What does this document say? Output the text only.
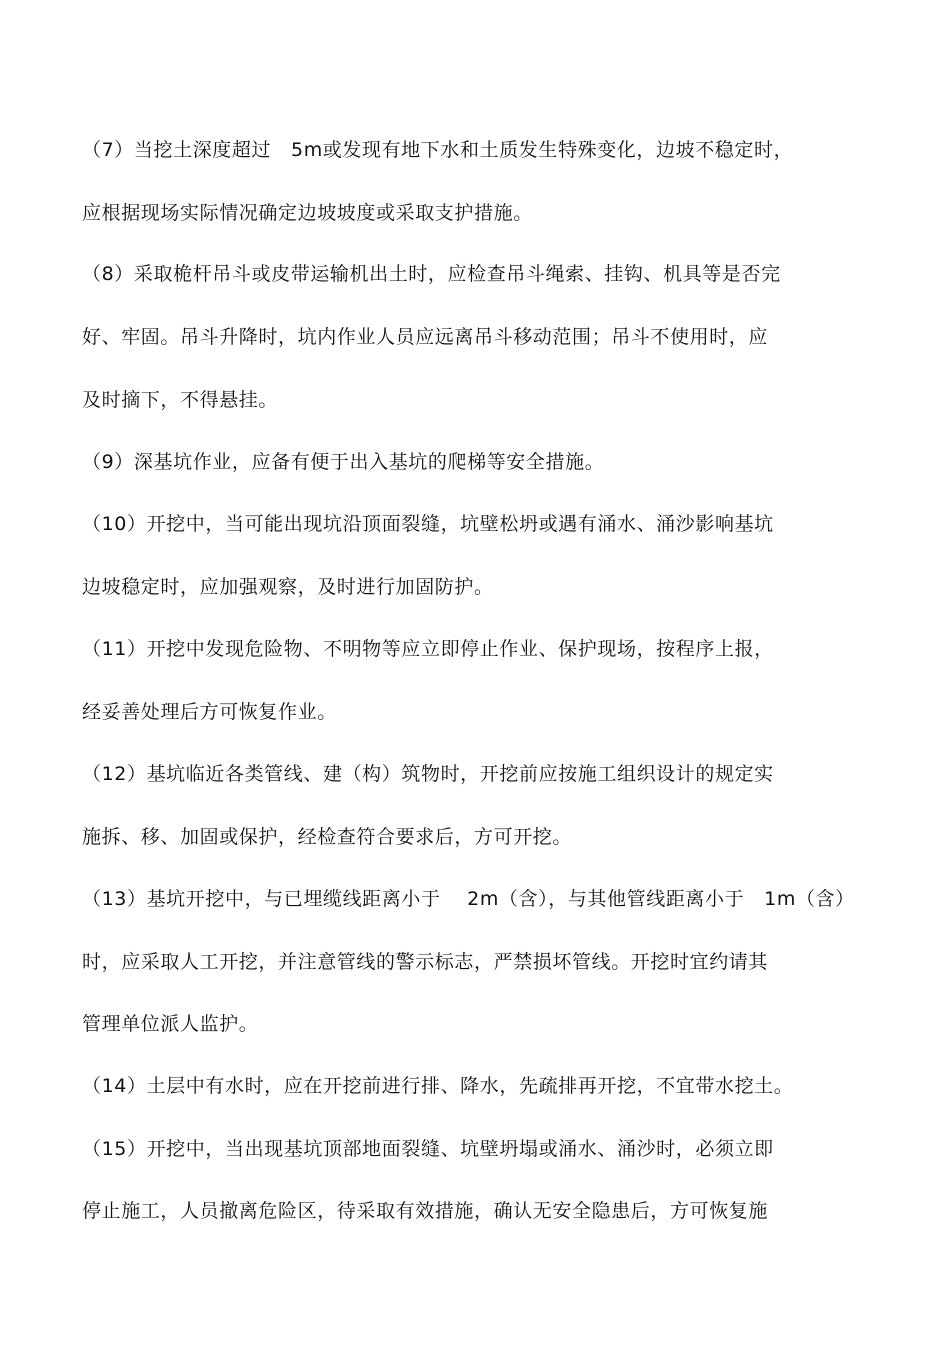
（7）当挖土深度超过   5m或发现有地下水和土质发生特殊变化，边坡不稳定时，
应根据现场实际情况确定边坡坡度或采取支护措施。
（8）采取桅杆吊斗或皮带运输机出土时，应检查吊斗绳索、挂钩、机具等是否完
好、牢固。吊斗升降时，坑内作业人员应远离吊斗移动范围；吊斗不使用时，应
及时摘下，不得悬挂。
（9）深基坑作业，应备有便于出入基坑的爬梯等安全措施。
（10）开挖中，当可能出现坑沿顶面裂缝，坑壁松坍或遇有涌水、涌沙影响基坑
边坡稳定时，应加强观察，及时进行加固防护。
（11）开挖中发现危险物、不明物等应立即停止作业、保护现场，按程序上报，
经妥善处理后方可恢复作业。
（12）基坑临近各类管线、建（构）筑物时，开挖前应按施工组织设计的规定实
施拆、移、加固或保护，经检查符合要求后，方可开挖。
（13）基坑开挖中，与已埋缆线距离小于    2m（含），与其他管线距离小于   1m（含）
时，应采取人工开挖，并注意管线的警示标志，严禁损坏管线。开挖时宜约请其
管理单位派人监护。
（14）土层中有水时，应在开挖前进行排、降水，先疏排再开挖，不宜带水挖土。
（15）开挖中，当出现基坑顶部地面裂缝、坑壁坍塌或涌水、涌沙时，必须立即
停止施工，人员撤离危险区，待采取有效措施，确认无安全隐患后，方可恢复施
